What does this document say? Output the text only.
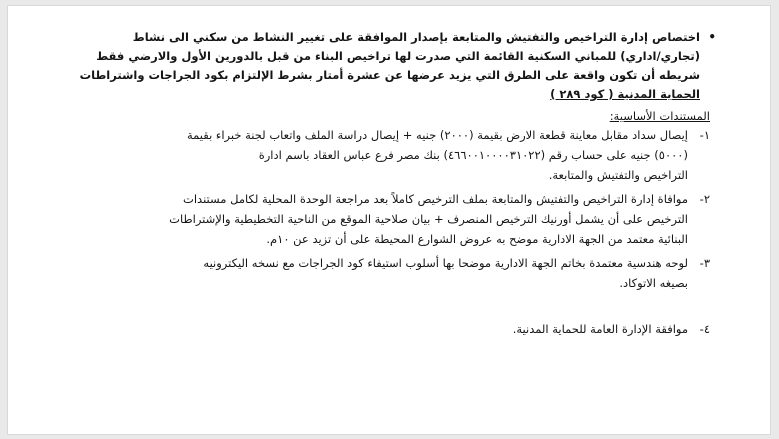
•
اختصاص إدارة التراخيص والتفتيش والمتابعة بإصدار الموافقة على تغيير النشاط من سكني الى نشاط
(تجاري/اداري) للمباني السكنية القائمة التي صدرت لها تراخيص البناء من قبل بالدورين الأول والارضي فقط
شريطه أن تكون واقعة على الطرق التي يزيد عرضها عن عشرة أمتار بشرط الإلتزام بكود الجراجات واشتراطات
الحماية المدنية ( كود ٢٨٩ )
المستندات الأساسية:
١-
إيصال سداد مقابل معاينة قطعة الارض بقيمة (٢٠٠٠) جنيه + إيصال دراسة الملف واتعاب لجنة خبراء بقيمة
(٥٠٠٠) جنيه على حساب رقم (٤٦٦٠٠١٠٠٠٠٣١٠٢٢) بنك مصر فرع عباس العقاد باسم ادارة
التراخيص والتفتيش والمتابعة.
٢-
موافاة إدارة التراخيص والتفتيش والمتابعة بملف الترخيص كاملاً بعد مراجعة الوحدة المحلية لكامل مستندات
الترخيص على أن يشمل أورنيك الترخيص المنصرف + بيان صلاحية الموقع من الناحية التخطيطية والإشتراطات
البنائية معتمد من الجهة الادارية موضح به عروض الشوارع المحيطة على أن تزيد عن ١٠م.
٣-
لوحه هندسية معتمدة بخاتم الجهة الادارية موضحا بها أسلوب استيفاء كود الجراجات مع نسخه اليكترونيه
بصيغه الاتوكاد.
٤-
موافقة الإدارة العامة للحماية المدنية.
